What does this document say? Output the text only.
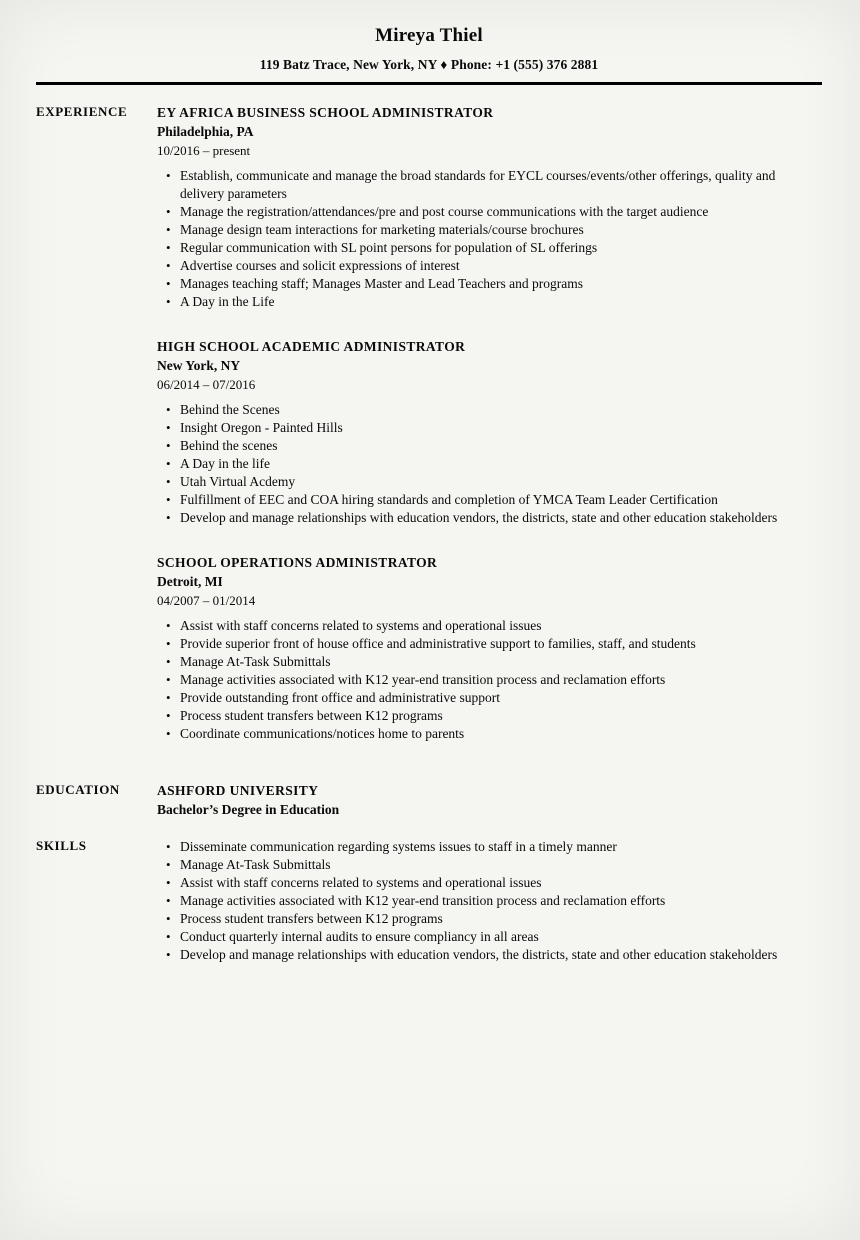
Mireya Thiel
119 Batz Trace, New York, NY ♦ Phone: +1 (555) 376 2881
EXPERIENCE	EY AFRICA BUSINESS SCHOOL ADMINISTRATOR
Philadelphia, PA
10/2016 – present
• Establish, communicate and manage the broad standards for EYCL courses/events/other offerings, quality and delivery parameters
• Manage the registration/attendances/pre and post course communications with the target audience
• Manage design team interactions for marketing materials/course brochures
• Regular communication with SL point persons for population of SL offerings
• Advertise courses and solicit expressions of interest
• Manages teaching staff; Manages Master and Lead Teachers and programs
• A Day in the Life
HIGH SCHOOL ACADEMIC ADMINISTRATOR
New York, NY
06/2014 – 07/2016
• Behind the Scenes
• Insight Oregon - Painted Hills
• Behind the scenes
• A Day in the life
• Utah Virtual Acdemy
• Fulfillment of EEC and COA hiring standards and completion of YMCA Team Leader Certification
• Develop and manage relationships with education vendors, the districts, state and other education stakeholders
SCHOOL OPERATIONS ADMINISTRATOR
Detroit, MI
04/2007 – 01/2014
• Assist with staff concerns related to systems and operational issues
• Provide superior front of house office and administrative support to families, staff, and students
• Manage At-Task Submittals
• Manage activities associated with K12 year-end transition process and reclamation efforts
• Provide outstanding front office and administrative support
• Process student transfers between K12 programs
• Coordinate communications/notices home to parents
EDUCATION	ASHFORD UNIVERSITY
Bachelor’s Degree in Education
SKILLS	• Disseminate communication regarding systems issues to staff in a timely manner
• Manage At-Task Submittals
• Assist with staff concerns related to systems and operational issues
• Manage activities associated with K12 year-end transition process and reclamation efforts
• Process student transfers between K12 programs
• Conduct quarterly internal audits to ensure compliancy in all areas
• Develop and manage relationships with education vendors, the districts, state and other education stakeholders
